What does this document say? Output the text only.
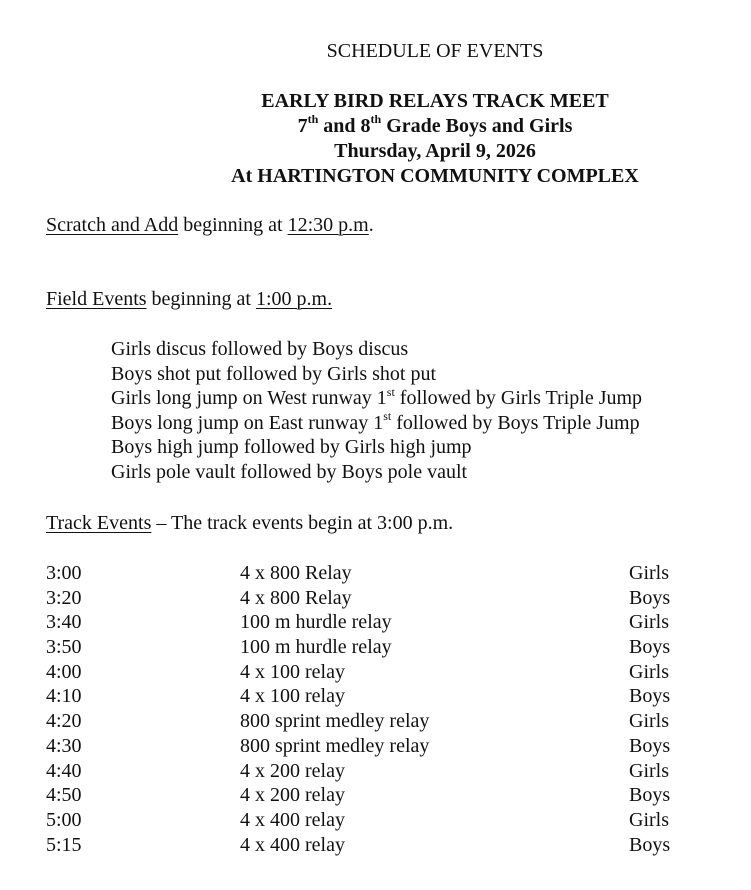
SCHEDULE OF EVENTS
EARLY BIRD RELAYS TRACK MEET
7th and 8th Grade Boys and Girls
Thursday, April 9, 2026
At HARTINGTON COMMUNITY COMPLEX
Scratch and Add beginning at 12:30 p.m.
Field Events beginning at 1:00 p.m.
Girls discus followed by Boys discus
Boys shot put followed by Girls shot put
Girls long jump on West runway 1st followed by Girls Triple Jump
Boys long jump on East runway 1st followed by Boys Triple Jump
Boys high jump followed by Girls high jump
Girls pole vault followed by Boys pole vault
Track Events – The track events begin at 3:00 p.m.
3:00	4 x 800 Relay	Girls
3:20	4 x 800 Relay	Boys
3:40	100 m hurdle relay	Girls
3:50	100 m hurdle relay	Boys
4:00	4 x 100 relay	Girls
4:10	4 x 100 relay	Boys
4:20	800 sprint medley relay	Girls
4:30	800 sprint medley relay	Boys
4:40	4 x 200 relay	Girls
4:50	4 x 200 relay	Boys
5:00	4 x 400 relay	Girls
5:15	4 x 400 relay	Boys
